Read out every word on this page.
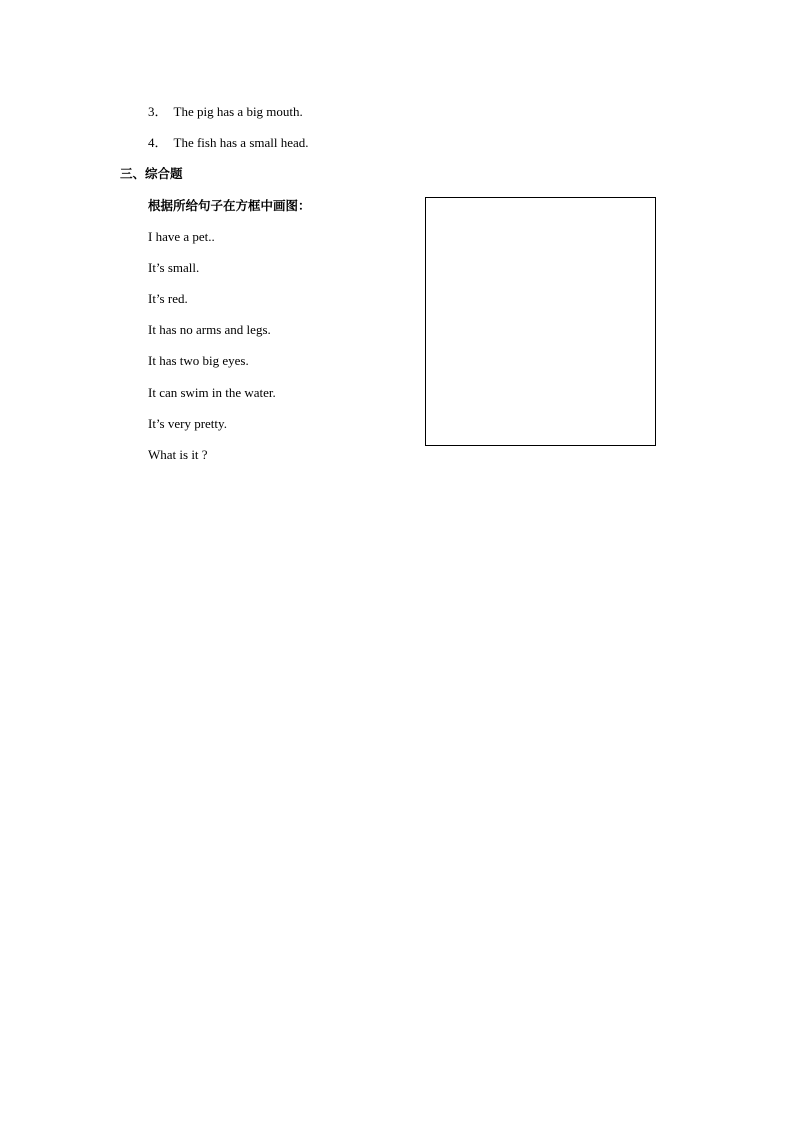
3． The pig has a big mouth.
4． The fish has a small head.
三、综合题
根据所给句子在方框中画图：
I have a pet..
It’s small.
It’s red.
It has no arms and legs.
It has two big eyes.
It can swim in the water.
It’s very pretty.
What is it ?
